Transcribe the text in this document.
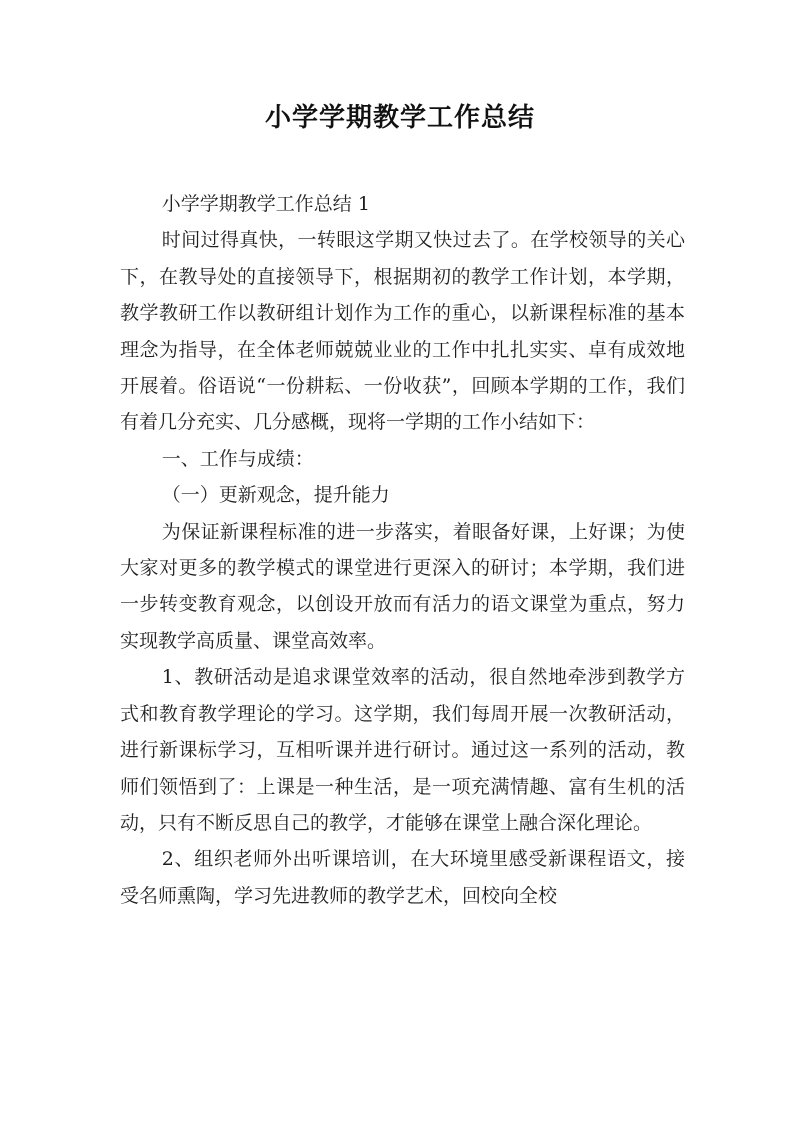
小学学期教学工作总结

小学学期教学工作总结 1

时间过得真快，一转眼这学期又快过去了。在学校领导的关心下，在教导处的直接领导下，根据期初的教学工作计划，本学期，教学教研工作以教研组计划作为工作的重心，以新课程标准的基本理念为指导，在全体老师兢兢业业的工作中扎扎实实、卓有成效地开展着。俗语说“一份耕耘、一份收获”，回顾本学期的工作，我们有着几分充实、几分感概，现将一学期的工作小结如下：

一、工作与成绩：

（一）更新观念，提升能力

为保证新课程标准的进一步落实，着眼备好课，上好课；为使大家对更多的教学模式的课堂进行更深入的研讨；本学期，我们进一步转变教育观念，以创设开放而有活力的语文课堂为重点，努力实现教学高质量、课堂高效率。

1、教研活动是追求课堂效率的活动，很自然地牵涉到教学方式和教育教学理论的学习。这学期，我们每周开展一次教研活动，进行新课标学习，互相听课并进行研讨。通过这一系列的活动，教师们领悟到了：上课是一种生活，是一项充满情趣、富有生机的活动，只有不断反思自己的教学，才能够在课堂上融合深化理论。

2、组织老师外出听课培训，在大环境里感受新课程语文，接受名师熏陶，学习先进教师的教学艺术，回校向全校
